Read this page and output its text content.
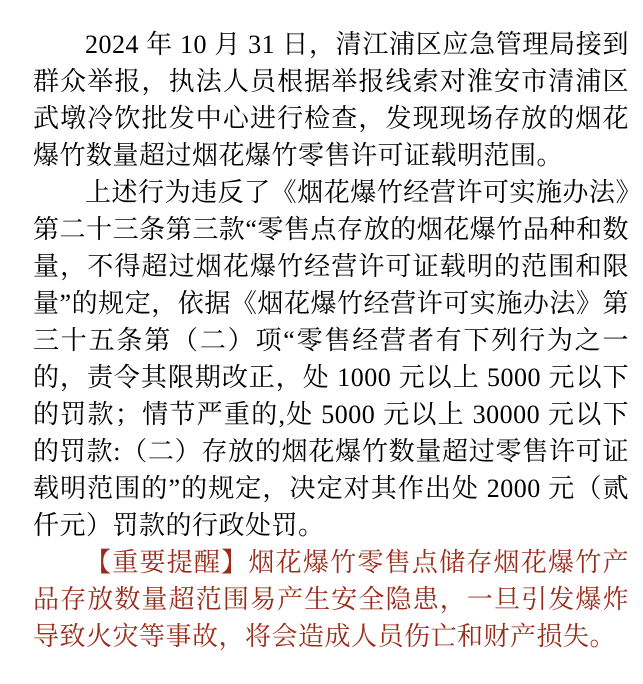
2024 年 10 月 31 日，清江浦区应急管理局接到群众举报，执法人员根据举报线索对淮安市清浦区武墩冷饮批发中心进行检查，发现现场存放的烟花爆竹数量超过烟花爆竹零售许可证载明范围。

上述行为违反了《烟花爆竹经营许可实施办法》第二十三条第三款“零售点存放的烟花爆竹品种和数量，不得超过烟花爆竹经营许可证载明的范围和限量”的规定，依据《烟花爆竹经营许可实施办法》第三十五条第（二）项“零售经营者有下列行为之一的，责令其限期改正，处 1000 元以上 5000 元以下的罚款；情节严重的,处 5000 元以上 30000 元以下的罚款:（二）存放的烟花爆竹数量超过零售许可证载明范围的”的规定，决定对其作出处 2000 元（贰仟元）罚款的行政处罚。

【重要提醒】烟花爆竹零售点储存烟花爆竹产品存放数量超范围易产生安全隐患，一旦引发爆炸导致火灾等事故，将会造成人员伤亡和财产损失。
